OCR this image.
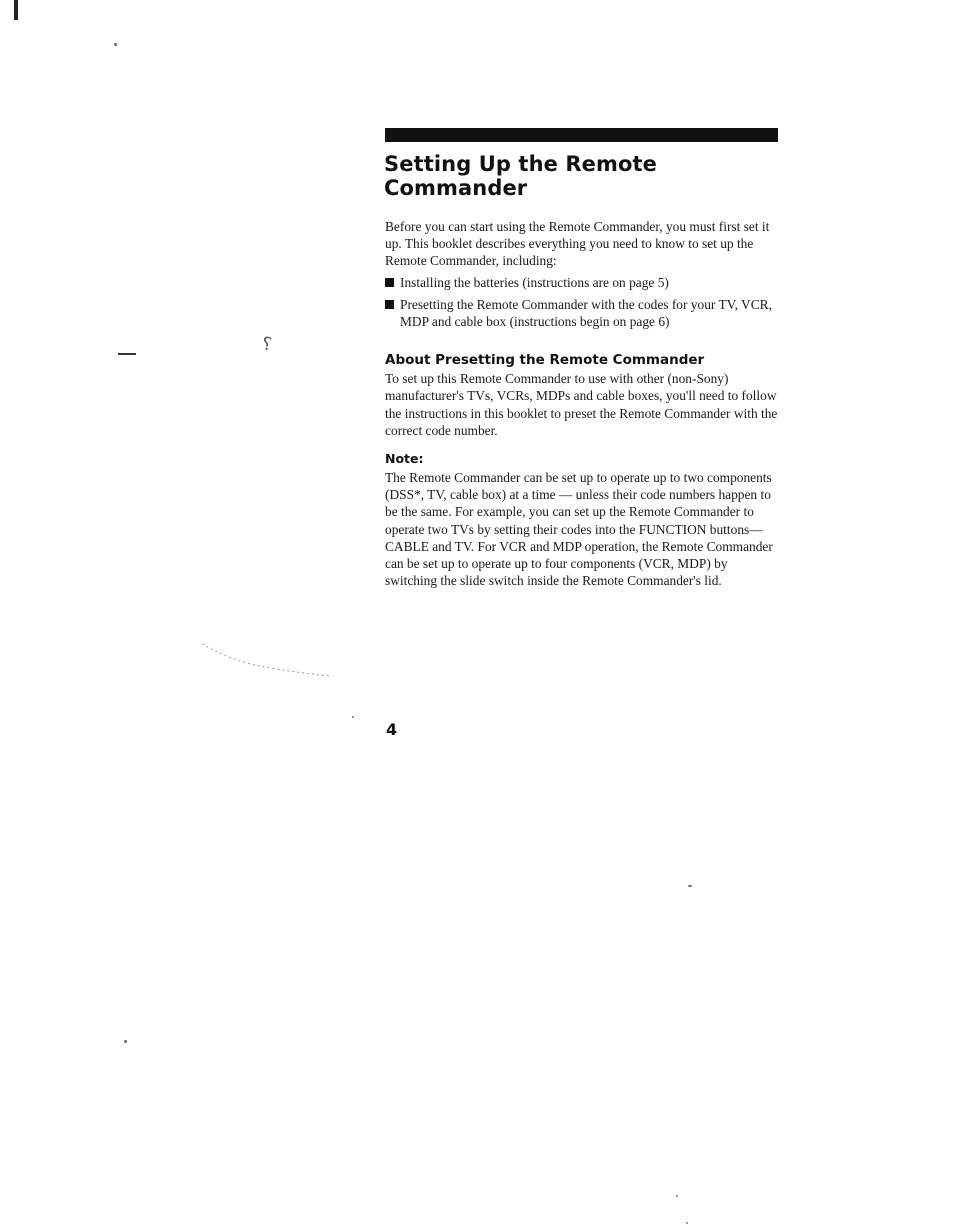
⸮
Setting Up the Remote Commander

Before you can start using the Remote Commander, you must first set it up. This booklet describes everything you need to know to set up the Remote Commander, including:

Installing the batteries (instructions are on page 5)
Presetting the Remote Commander with the codes for your TV, VCR, MDP and cable box (instructions begin on page 6)
About Presetting the Remote Commander

To set up this Remote Commander to use with other (non-Sony) manufacturer's TVs, VCRs, MDPs and cable boxes, you'll need to follow the instructions in this booklet to preset the Remote Commander with the correct code number.

Note:

The Remote Commander can be set up to operate up to two components (DSS*, TV, cable box) at a time — unless their code numbers happen to be the same. For example, you can set up the Remote Commander to operate two TVs by setting their codes into the FUNCTION buttons—CABLE and TV. For VCR and MDP operation, the Remote Commander can be set up to operate up to four components (VCR, MDP) by switching the slide switch inside the Remote Commander's lid.

4
